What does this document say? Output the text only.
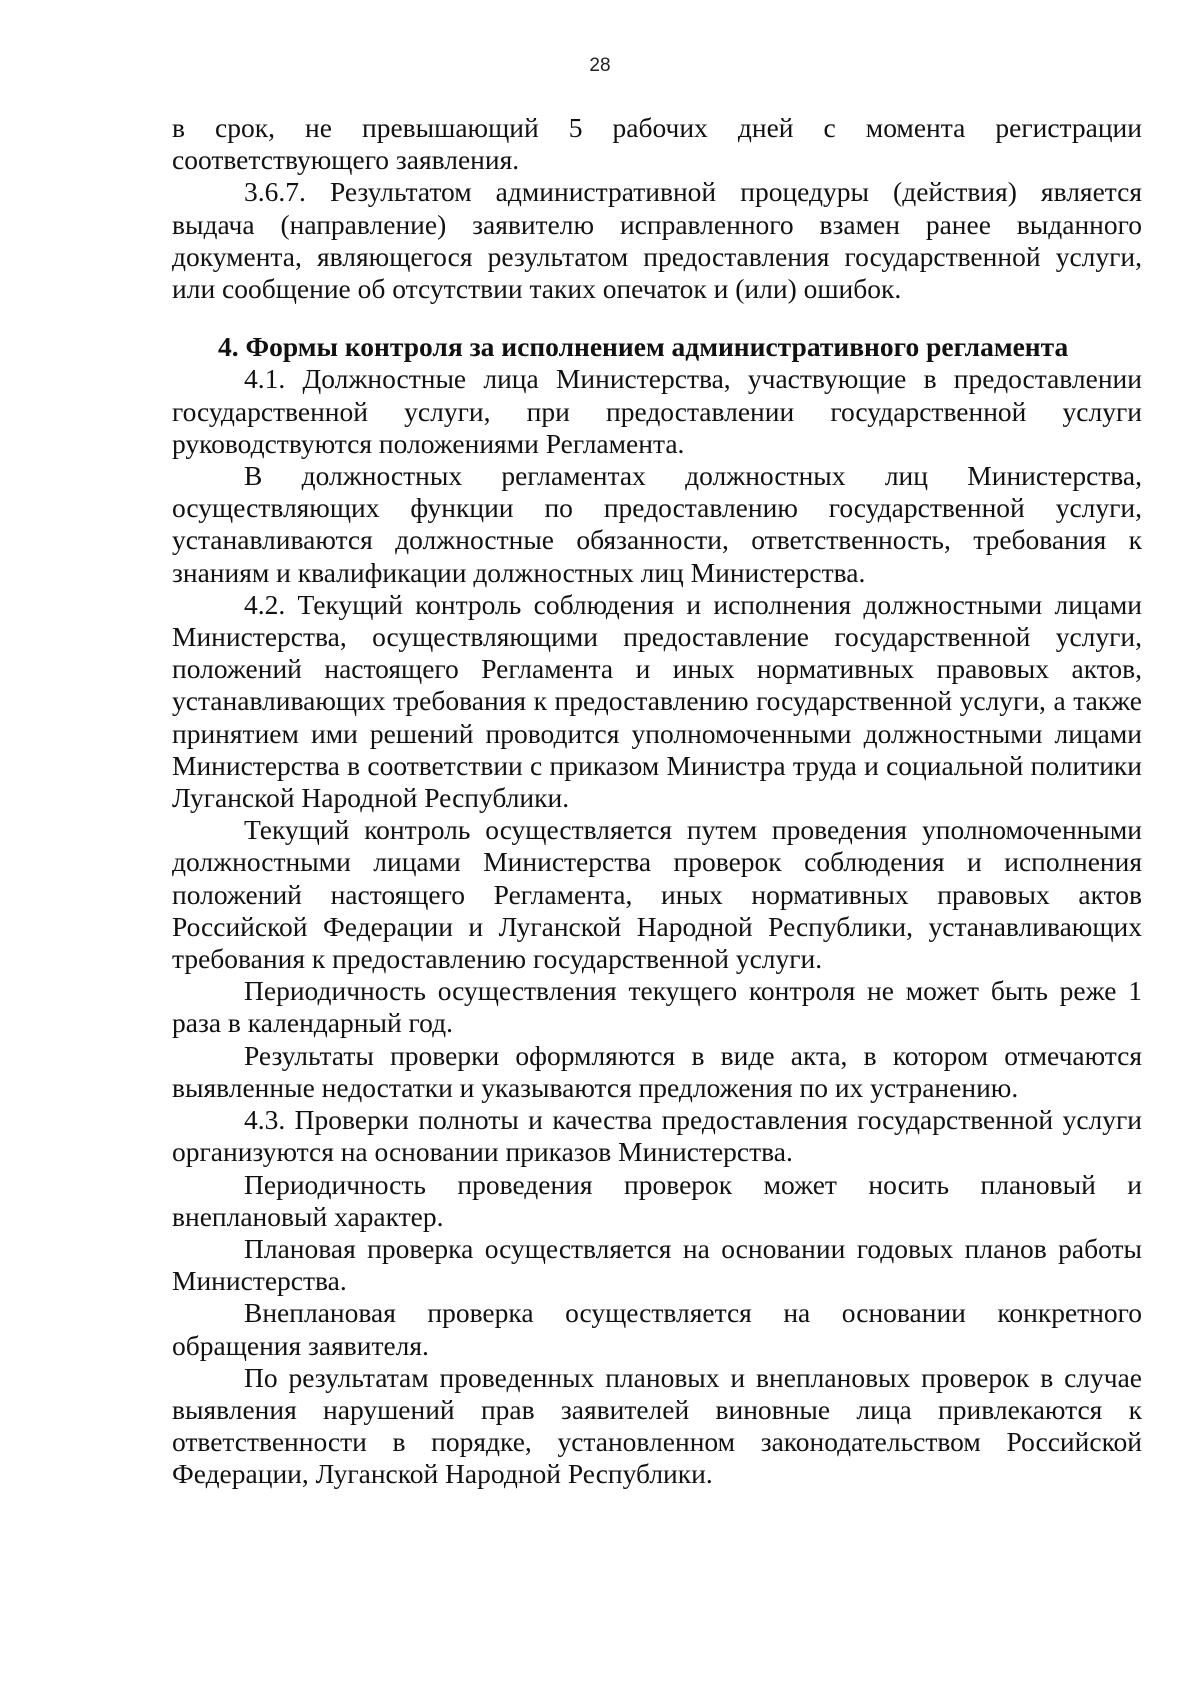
28

в срок, не превышающий 5 рабочих дней с момента регистрации соответствующего заявления.

3.6.7. Результатом административной процедуры (действия) является выдача (направление) заявителю исправленного взамен ранее выданного документа, являющегося результатом предоставления государственной услуги, или сообщение об отсутствии таких опечаток и (или) ошибок.

4. Формы контроля за исполнением административного регламента

4.1. Должностные лица Министерства, участвующие в предоставлении государственной услуги, при предоставлении государственной услуги руководствуются положениями Регламента.

В должностных регламентах должностных лиц Министерства, осуществляющих функции по предоставлению государственной услуги, устанавливаются должностные обязанности, ответственность, требования к знаниям и квалификации должностных лиц Министерства.

4.2. Текущий контроль соблюдения и исполнения должностными лицами Министерства, осуществляющими предоставление государственной услуги, положений настоящего Регламента и иных нормативных правовых актов, устанавливающих требования к предоставлению государственной услуги, а также принятием ими решений проводится уполномоченными должностными лицами Министерства в соответствии с приказом Министра труда и социальной политики Луганской Народной Республики.

Текущий контроль осуществляется путем проведения уполномоченными должностными лицами Министерства проверок соблюдения и исполнения положений настоящего Регламента, иных нормативных правовых актов Российской Федерации и Луганской Народной Республики, устанавливающих требования к предоставлению государственной услуги.

Периодичность осуществления текущего контроля не может быть реже 1 раза в календарный год.

Результаты проверки оформляются в виде акта, в котором отмечаются выявленные недостатки и указываются предложения по их устранению.

4.3. Проверки полноты и качества предоставления государственной услуги организуются на основании приказов Министерства.

Периодичность проведения проверок может носить плановый и внеплановый характер.

Плановая проверка осуществляется на основании годовых планов работы Министерства.

Внеплановая проверка осуществляется на основании конкретного обращения заявителя.

По результатам проведенных плановых и внеплановых проверок в случае выявления нарушений прав заявителей виновные лица привлекаются к ответственности в порядке, установленном законодательством Российской Федерации, Луганской Народной Республики.
